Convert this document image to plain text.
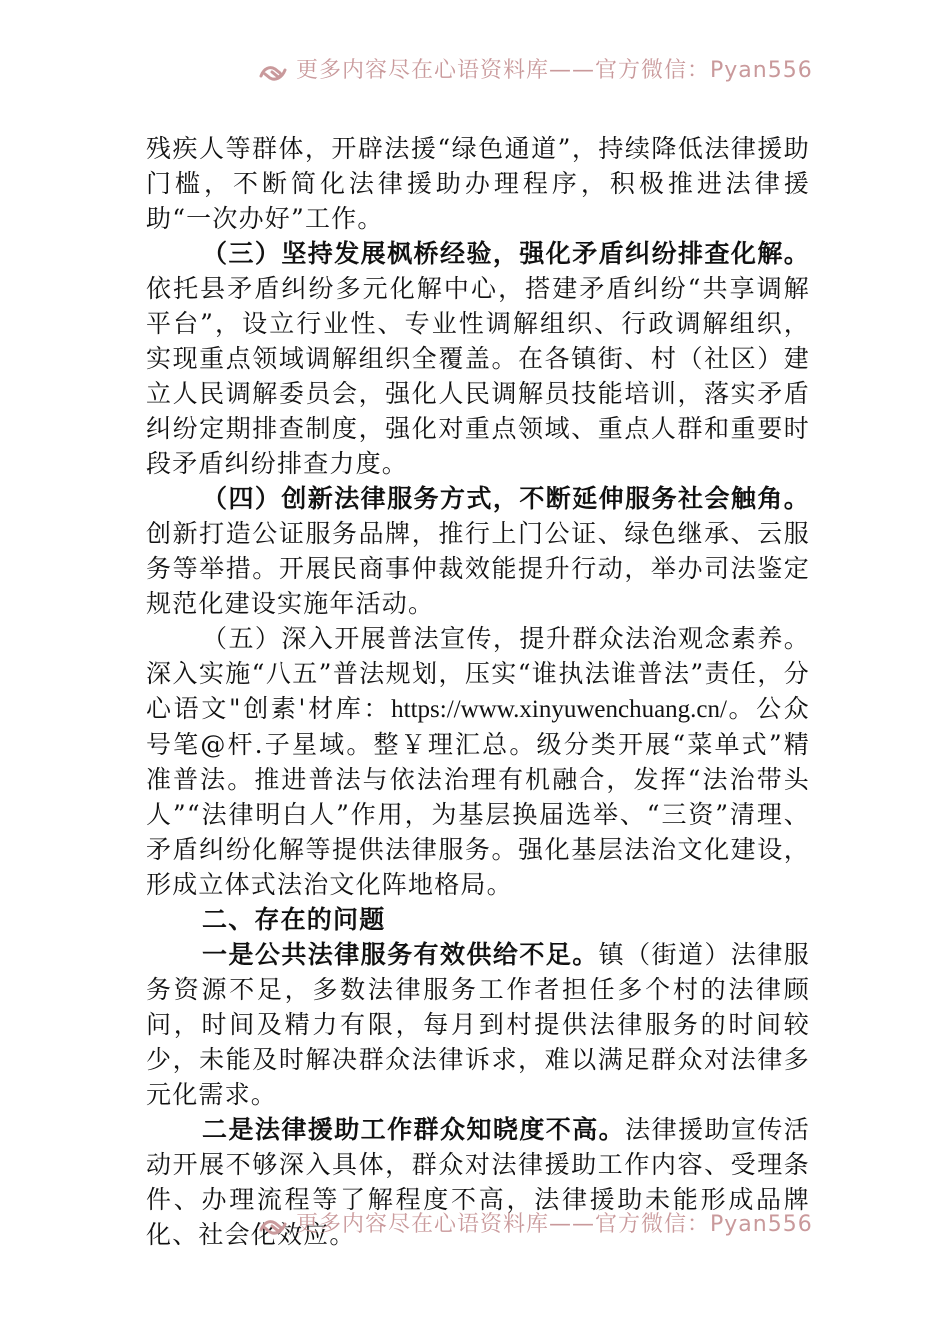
更多内容尽在心语资料库——官方微信：Pyan556

残疾人等群体，开辟法援“绿色通道”，持续降低法律援助门槛，不断简化法律援助办理程序，积极推进法律援助“一次办好”工作。

（三）坚持发展枫桥经验，强化矛盾纠纷排查化解。依托县矛盾纠纷多元化解中心，搭建矛盾纠纷“共享调解平台”，设立行业性、专业性调解组织、行政调解组织，实现重点领域调解组织全覆盖。在各镇街、村（社区）建立人民调解委员会，强化人民调解员技能培训，落实矛盾纠纷定期排查制度，强化对重点领域、重点人群和重要时段矛盾纠纷排查力度。

（四）创新法律服务方式，不断延伸服务社会触角。创新打造公证服务品牌，推行上门公证、绿色继承、云服务等举措。开展民商事仲裁效能提升行动，举办司法鉴定规范化建设实施年活动。

（五）深入开展普法宣传，提升群众法治观念素养。深入实施“八五”普法规划，压实“谁执法谁普法”责任，分心语文"创素'材库：https://www.xinyuwenchuang.cn/。公众号笔@杆.子星域。整￥理汇总。级分类开展“菜单式”精准普法。推进普法与依法治理有机融合，发挥“法治带头人”“法律明白人”作用，为基层换届选举、“三资”清理、矛盾纠纷化解等提供法律服务。强化基层法治文化建设，形成立体式法治文化阵地格局。

二、存在的问题

一是公共法律服务有效供给不足。镇（街道）法律服务资源不足，多数法律服务工作者担任多个村的法律顾问，时间及精力有限，每月到村提供法律服务的时间较少，未能及时解决群众法律诉求，难以满足群众对法律多元化需求。

二是法律援助工作群众知晓度不高。法律援助宣传活动开展不够深入具体，群众对法律援助工作内容、受理条件、办理流程等了解程度不高，法律援助未能形成品牌化、社会化效应。

更多内容尽在心语资料库——官方微信：Pyan556
